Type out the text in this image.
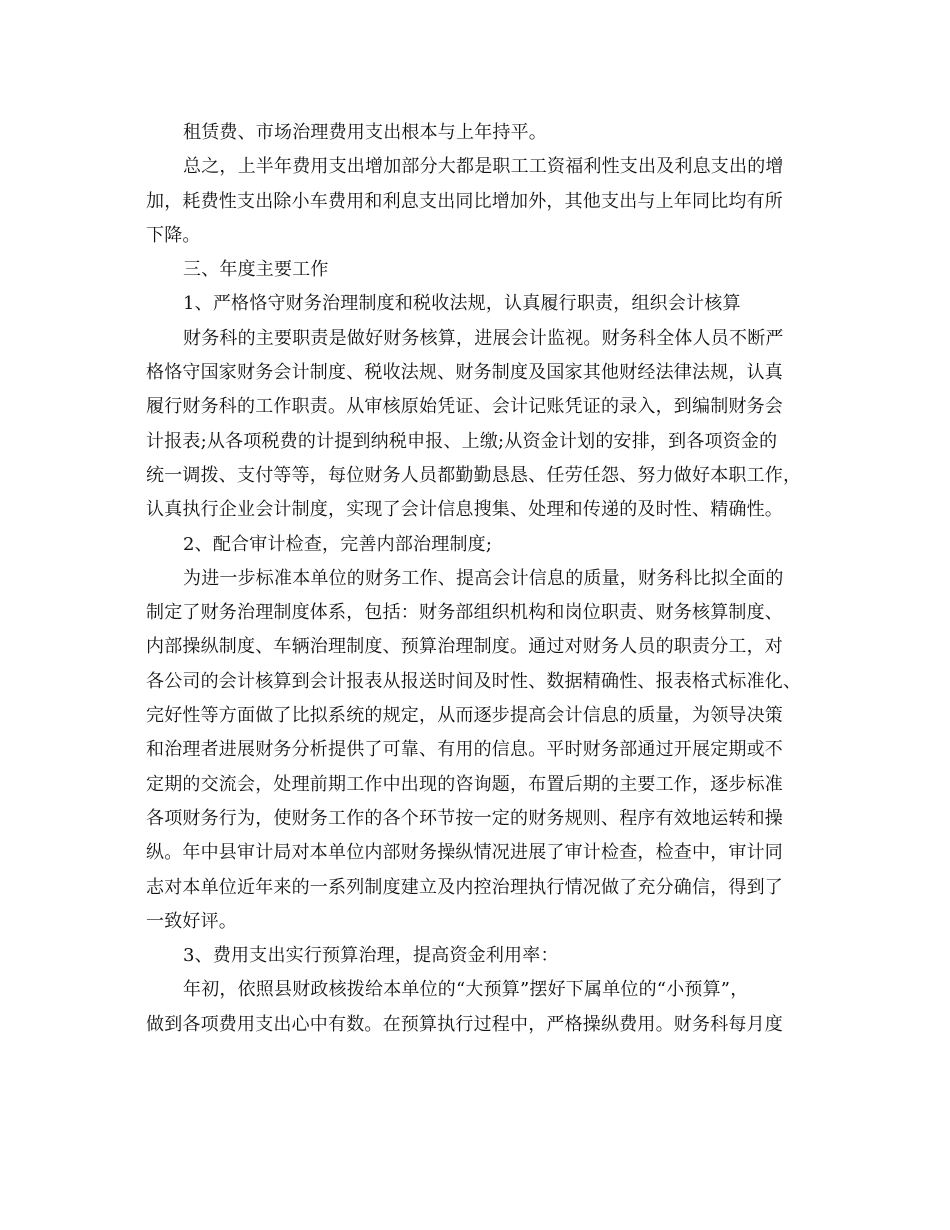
租赁费、市场治理费用支出根本与上年持平。
总之，上半年费用支出增加部分大都是职工工资福利性支出及利息支出的增
加，耗费性支出除小车费用和利息支出同比增加外，其他支出与上年同比均有所
下降。
三、年度主要工作
1、严格恪守财务治理制度和税收法规，认真履行职责，组织会计核算
财务科的主要职责是做好财务核算，进展会计监视。财务科全体人员不断严
格恪守国家财务会计制度、税收法规、财务制度及国家其他财经法律法规，认真
履行财务科的工作职责。从审核原始凭证、会计记账凭证的录入，到编制财务会
计报表;从各项税费的计提到纳税申报、上缴;从资金计划的安排，到各项资金的
统一调拨、支付等等，每位财务人员都勤勤恳恳、任劳任怨、努力做好本职工作，
认真执行企业会计制度，实现了会计信息搜集、处理和传递的及时性、精确性。
2、配合审计检查，完善内部治理制度;
为进一步标准本单位的财务工作、提高会计信息的质量，财务科比拟全面的
制定了财务治理制度体系，包括：财务部组织机构和岗位职责、财务核算制度、
内部操纵制度、车辆治理制度、预算治理制度。通过对财务人员的职责分工，对
各公司的会计核算到会计报表从报送时间及时性、数据精确性、报表格式标准化、
完好性等方面做了比拟系统的规定，从而逐步提高会计信息的质量，为领导决策
和治理者进展财务分析提供了可靠、有用的信息。平时财务部通过开展定期或不
定期的交流会，处理前期工作中出现的咨询题，布置后期的主要工作，逐步标准
各项财务行为，使财务工作的各个环节按一定的财务规则、程序有效地运转和操
纵。年中县审计局对本单位内部财务操纵情况进展了审计检查，检查中，审计同
志对本单位近年来的一系列制度建立及内控治理执行情况做了充分确信，得到了
一致好评。
3、费用支出实行预算治理，提高资金利用率：
年初，依照县财政核拨给本单位的“大预算”摆好下属单位的“小预算”，
做到各项费用支出心中有数。在预算执行过程中，严格操纵费用。财务科每月度
